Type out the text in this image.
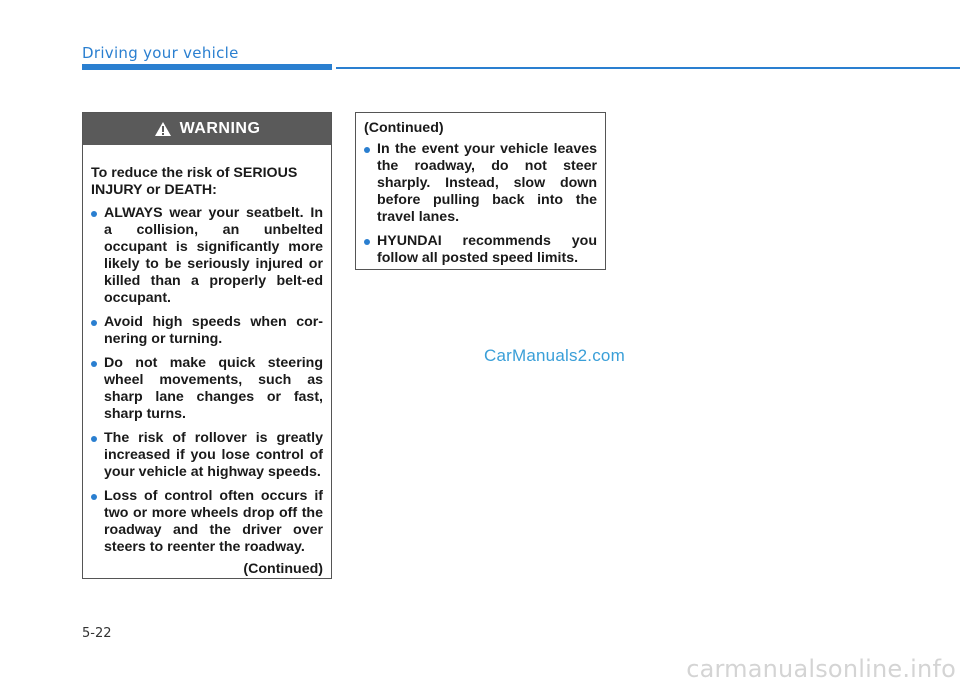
Driving your vehicle
WARNING
To reduce the risk of SERIOUS INJURY or DEATH:
ALWAYS wear your seatbelt. In a collision, an unbelted occupant is significantly more likely to be seriously injured or killed than a properly belt-ed occupant.
Avoid high speeds when cor-nering or turning.
Do not make quick steering wheel movements, such as sharp lane changes or fast, sharp turns.
The risk of rollover is greatly increased if you lose control of your vehicle at highway speeds.
Loss of control often occurs if two or more wheels drop off the roadway and the driver over steers to reenter the roadway.
(Continued)
(Continued)
In the event your vehicle leaves the roadway, do not steer sharply. Instead, slow down before pulling back into the travel lanes.
HYUNDAI recommends you follow all posted speed limits.
CarManuals2.com
5-22
carmanualsonline.info
